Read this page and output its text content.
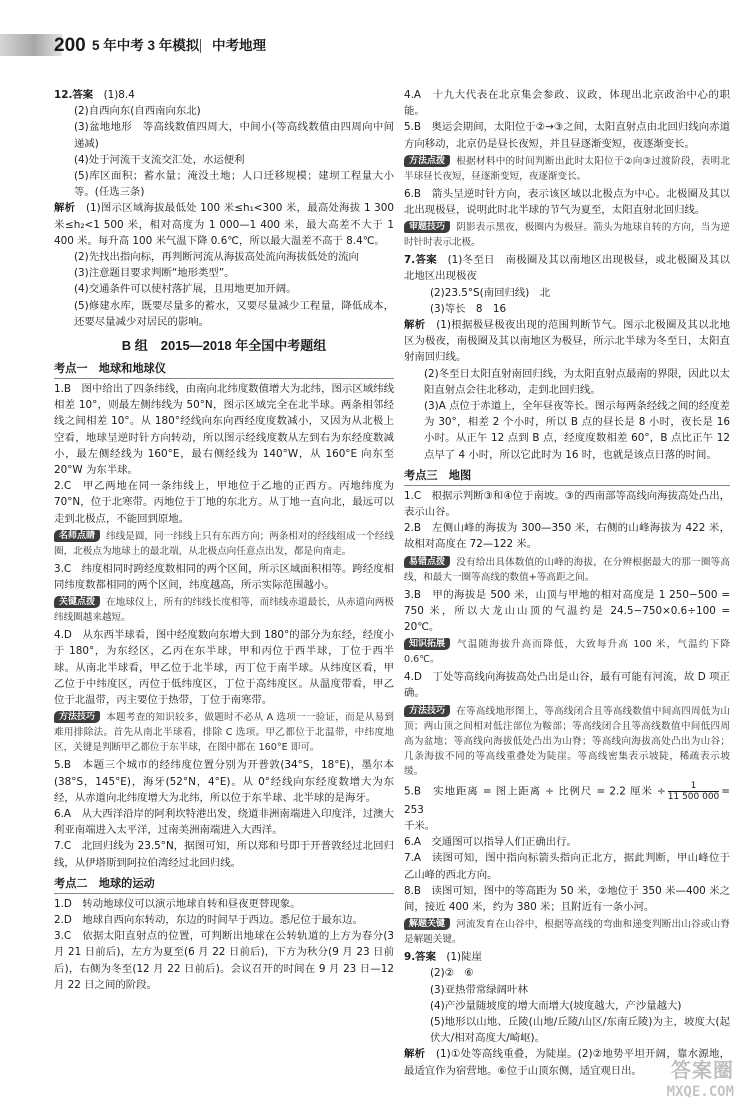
200 5 年中考 3 年模拟 中考地理

12.答案　 (1)8.4

(2)自西向东(自西南向东北)

(3)盆地地形　等高线数值四周大，中间小(等高线数值由四周向中间递减)

(4)处于河流干支流交汇处，水运便利

(5)库区面积；蓄水量；淹没土地；人口迁移规模；建坝工程量大小等。(任选三条)

解析　 (1)图示区域海拔最低处 100 米≤h₁<300 米，最高处海拔 1 300 米≤h₂<1 500 米，相对高度为 1 000—1 400 米，最大高差不大于 1 400 米。每升高 100 米气温下降 0.6℃，所以最大温差不高于 8.4℃。

(2)先找出指向标，再判断河流从海拔高处流向海拔低处的流向

(3)注意题目要求判断“地形类型”。

(4)交通条件可以使村落扩展，且用地更加开阔。

(5)修建水库，既要尽量多的蓄水，又要尽量减少工程量，降低成本，还要尽量减少对居民的影响。

B 组　2015—2018 年全国中考题组
考点一　地球和地球仪

1.B　图中给出了四条纬线，由南向北纬度数值增大为北纬，图示区域纬线相差 10°，则最左侧纬线为 50°N，图示区域完全在北半球。两条相邻经线之间相差 10°。从 180°经线向东向西经度度数减小，又因为从北极上空看，地球呈逆时针方向转动，所以图示经线度数从左到右为东经度数减小，最左侧经线为 160°E，最右侧经线为 140°W，从 160°E 向东至 20°W 为东半球。

2.C　甲乙两地在同一条纬线上，甲地位于乙地的正西方。丙地纬度为 70°N，位于北寒带。丙地位于丁地的东北方。从丁地一直向北，最远可以走到北极点，不能回到原地。

名师点睛 纬线是圆，同一纬线上只有东西方向；两条相对的经线组成一个经线圈，北极点为地球上的最北端，从北极点向任意点出发，都是向南走。

3.C　纬度相同时跨经度数相同的两个区间，所示区域面积相等。跨经度相同纬度数都相同的两个区间，纬度越高，所示实际范围越小。

关键点拨 在地球仪上，所有的纬线长度相等，而纬线赤道最长，从赤道向两极纬线圈越来越短。

4.D　从东西半球看，图中经度数向东增大到 180°的部分为东经，经度小于 180°，为东经区，乙丙在东半球，甲和丙位于西半球，丁位于西半球。从南北半球看，甲乙位于北半球，丙丁位于南半球。从纬度区看，甲乙位于中纬度区，丙位于低纬度区，丁位于高纬度区。从温度带看，甲乙位于北温带，丙主要位于热带，丁位于南寒带。

方法技巧 本题考查的知识较多，做题时不必从 A 选项一一验证，而是从易到难用排除法。首先从南北半球看，排除 C 选项。甲乙都位于北温带，中纬度地区，关键是判断甲乙都位于东半球，在图中都在 160°E 即可。

5.B　本题三个城市的经纬度位置分别为开普敦(34°S，18°E)，墨尔本(38°S，145°E)，海牙(52°N，4°E)。从 0°经线向东经度数增大为东经，从赤道向北纬度增大为北纬，所以位于东半球、北半球的是海牙。

6.A　从大西洋沿岸的阿利坎特港出发，绕道非洲南端进入印度洋，过澳大利亚南端进入太平洋，过南美洲南端进入大西洋。

7.C　北回归线为 23.5°N，据图可知，所以郑和号即于开普敦经过北回归线，从伊塔斯到阿拉伯湾经过北回归线。

考点二　地球的运动

1.D　转动地球仪可以演示地球自转和昼夜更替现象。

2.D　地球自西向东转动，东边的时间早于西边。悉尼位于最东边。

3.C　依据太阳直射点的位置，可判断出地球在公转轨道的上方为春分(3 月 21 日前后)，左方为夏至(6 月 22 日前后)，下方为秋分(9 月 23 日前后)，右侧为冬至(12 月 22 日前后)。会议召开的时间在 9 月 23 日—12 月 22 日之间的阶段。

4.A　十九大代表在北京集会参政、议政，体现出北京政治中心的职能。

5.B　奥运会期间，太阳位于②→③之间，太阳直射点由北回归线向赤道方向移动，北京仍是昼长夜短，并且昼逐渐变短，夜逐渐变长。

方法点拨 根据材料中的时间判断出此时太阳位于②向③过渡阶段，表明北半球昼长夜短，昼逐渐变短，夜逐渐变长。

6.B　箭头呈逆时针方向，表示该区域以北极点为中心。北极圈及其以北出现极昼，说明此时北半球的节气为夏至，太阳直射北回归线。

审题技巧 阴影表示黑夜，极圈内为极昼。箭头为地球自转的方向，当为逆时针时表示北极。

7.答案　 (1)冬至日　南极圈及其以南地区出现极昼，或北极圈及其以北地区出现极夜

(2)23.5°S(南回归线)　北

(3)等长　8　16

解析　 (1)根据极昼极夜出现的范围判断节气。图示北极圈及其以北地区为极夜，南极圈及其以南地区为极昼，所示北半球为冬至日，太阳直射南回归线。

(2)冬至日太阳直射南回归线，为太阳直射点最南的界限，因此以太阳直射点会往北移动，走到北回归线。

(3)A 点位于赤道上，全年昼夜等长。图示每两条经线之间的经度差为 30°，相差 2 个小时，所以 B 点的昼长是 8 小时，夜长是 16 小时。从正午 12 点到 B 点，经度度数相差 60°，B 点比正午 12 点早了 4 小时，所以它此时为 16 时，也就是该点日落的时间。

考点三　地图

1.C　根据示判断③和④位于南坡。③的西南部等高线向海拔高处凸出，表示山谷。

2.B　左侧山峰的海拔为 300—350 米，右侧的山峰海拔为 422 米，故相对高度在 72—122 米。

易错点拨 没有给出具体数值的山峰的海拔，在分辨根据最大的那一圈等高线，和最大一圈等高线的数值+等高距之间。

3.B　甲的海拔是 500 米，山顶与甲地的相对高度是 1 250−500 = 750 米，所以大龙山山顶的气温约是 24.5−750×0.6÷100 = 20℃。

知识拓展 气温随海拔升高而降低，大致每升高 100 米，气温约下降 0.6℃。

4.D　丁处等高线向海拔高处凸出是山谷，最有可能有河流，故 D 项正确。

方法技巧 在等高线地形图上，等高线闭合且等高线数值中间高四周低为山顶；两山顶之间相对低注部位为鞍部；等高线闭合且等高线数值中间低四周高为盆地；等高线向海拔低处凸出为山脊；等高线向海拔高处凸出为山谷；几条海拔不同的等高线重叠处为陡崖。等高线密集表示坡陡，稀疏表示坡缓。

5.B　实地距离 = 图上距离 ÷ 比例尺 = 2.2 厘米 ÷ $\frac{1}{11 500 000} = 253$

千米。

6.A　交通图可以指导人们正确出行。

7.A　读图可知，图中指向标箭头指向正北方，据此判断，甲山峰位于乙山峰的西北方向。

8.B　读图可知，图中的等高距为 50 米，②地位于 350 米—400 米之间，接近 400 米，约为 380 米；且附近有一条小河。

解题关键 河流发育在山谷中，根据等高线的弯曲和递变判断出山谷或山脊是解题关键。

9.答案　 (1)陡崖

(2)②　⑥

(3)亚热带常绿阔叶林

(4)产沙量随坡度的增大而增大(坡度越大，产沙量越大)

(5)地形以山地、丘陵(山地/丘陵/山区/东南丘陵)为主，坡度大(起伏大/相对高度大/崎岖)。

解析　 (1)①处等高线重叠，为陡崖。(2)②地势平坦开阔，靠水源地，最适宜作为宿营地。⑥位于山顶东侧，适宜观日出。	答案圈
MXQE.COM
